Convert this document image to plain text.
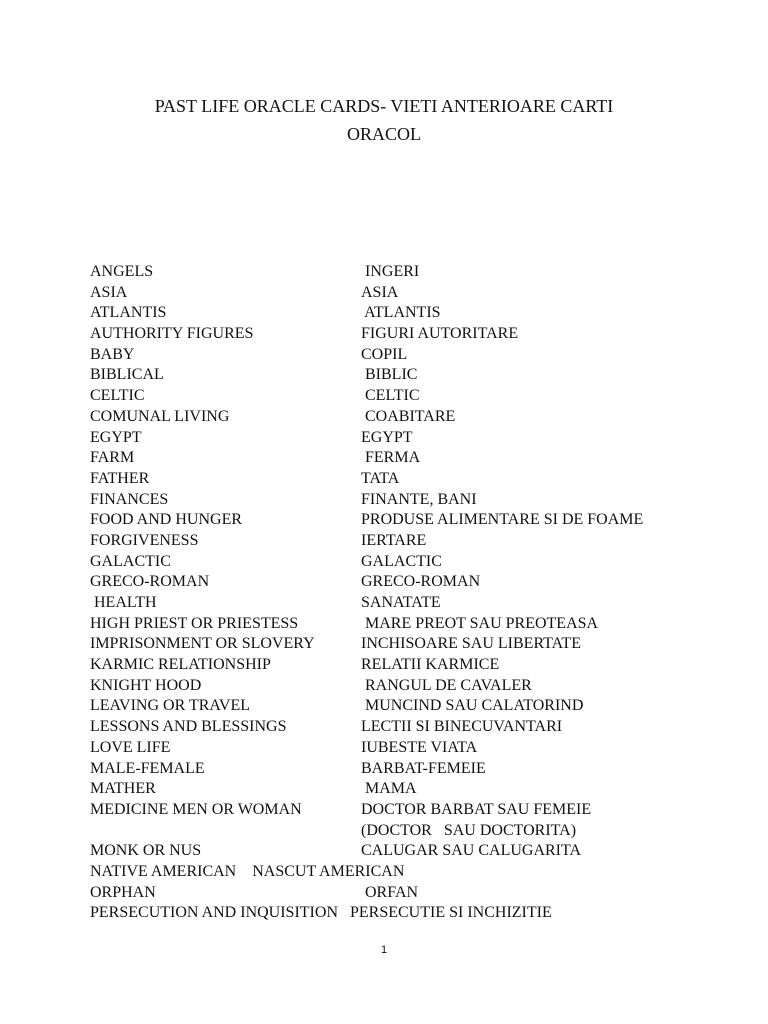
PAST LIFE ORACLE CARDS- VIETI ANTERIOARE CARTI
ORACOL
ANGELS	INGERI
ASIA	ASIA
ATLANTIS	ATLANTIS
AUTHORITY FIGURES	FIGURI AUTORITARE
BABY	COPIL
BIBLICAL	BIBLIC
CELTIC	CELTIC
COMUNAL LIVING	COABITARE
EGYPT	EGYPT
FARM	FERMA
FATHER	TATA
FINANCES	FINANTE, BANI
FOOD AND HUNGER	PRODUSE ALIMENTARE SI DE FOAME
FORGIVENESS	IERTARE
GALACTIC	GALACTIC
GRECO-ROMAN	GRECO-ROMAN
HEALTH	SANATATE
HIGH PRIEST OR PRIESTESS	MARE PREOT SAU PREOTEASA
IMPRISONMENT OR SLOVERY	INCHISOARE SAU LIBERTATE
KARMIC RELATIONSHIP	RELATII KARMICE
KNIGHT HOOD	RANGUL DE CAVALER
LEAVING OR TRAVEL	MUNCIND SAU CALATORIND
LESSONS AND BLESSINGS	LECTII SI BINECUVANTARI
LOVE LIFE	IUBESTE VIATA
MALE-FEMALE	BARBAT-FEMEIE
MATHER	MAMA
MEDICINE MEN OR WOMAN	DOCTOR BARBAT SAU FEMEIE
(DOCTOR   SAU DOCTORITA)
MONK OR NUS	CALUGAR SAU CALUGARITA
NATIVE AMERICAN    NASCUT AMERICAN
ORPHAN	ORFAN
PERSECUTION AND INQUISITION   PERSECUTIE SI INCHIZITIE
1
